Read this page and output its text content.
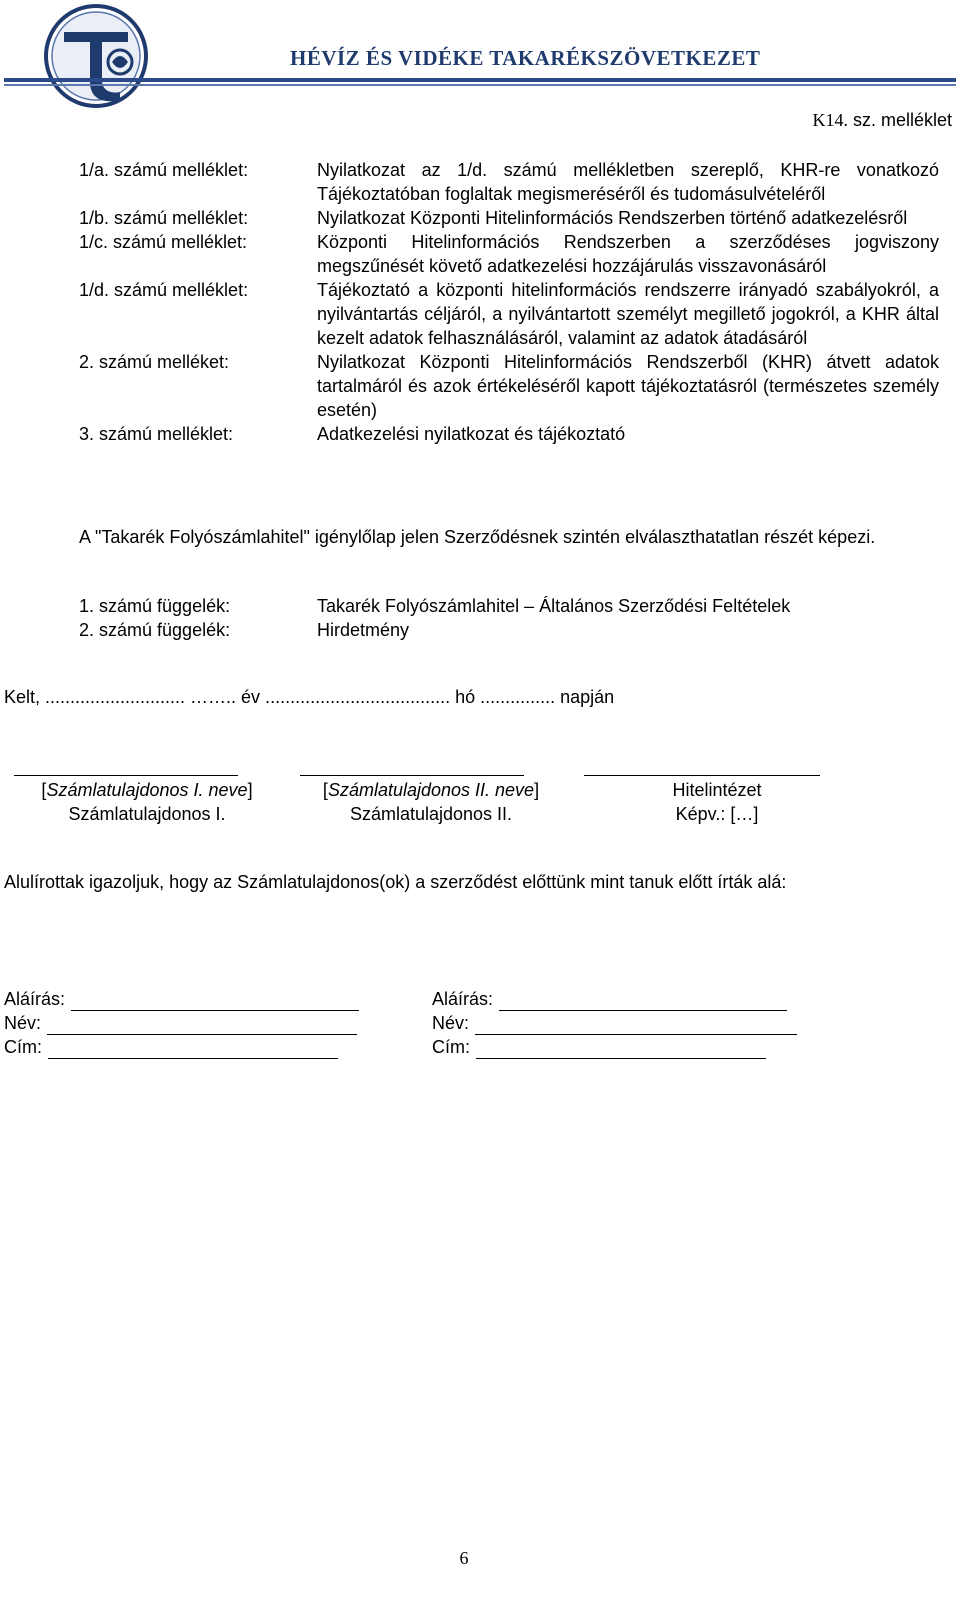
HÉVÍZ ÉS VIDÉKE TAKARÉKSZÖVETKEZET
K14. sz. melléklet
1/a. számú melléklet:	Nyilatkozat az 1/d. számú mellékletben szereplő, KHR-re vonatkozó Tájékoztatóban foglaltak megismeréséről és tudomásulvételéről
1/b. számú melléklet:	Nyilatkozat Központi Hitelinformációs Rendszerben történő adatkezelésről
1/c. számú melléklet:	Központi Hitelinformációs Rendszerben a szerződéses jogviszony megszűnését követő adatkezelési hozzájárulás visszavonásáról
1/d. számú melléklet:	Tájékoztató a központi hitelinformációs rendszerre irányadó szabályokról, a nyilvántartás céljáról, a nyilvántartott személyt megillető jogokról, a KHR által kezelt adatok felhasználásáról, valamint az adatok átadásáról
2. számú melléket:	Nyilatkozat Központi Hitelinformációs Rendszerből (KHR) átvett adatok tartalmáról és azok értékeléséről kapott tájékoztatásról (természetes személy esetén)
3. számú melléklet:	Adatkezelési nyilatkozat és tájékoztató
A "Takarék Folyószámlahitel" igénylőlap jelen Szerződésnek szintén elválaszthatatlan részét képezi.
1. számú függelék:	Takarék Folyószámlahitel – Általános Szerződési Feltételek
2. számú függelék:	Hirdetmény
Kelt, ............................ …….. év ..................................... hó ............... napján
[Számlatulajdonos I. neve]
Számlatulajdonos I.
[Számlatulajdonos II. neve]
Számlatulajdonos II.
Hitelintézet
Képv.: […]
Alulírottak igazoljuk, hogy az Számlatulajdonos(ok) a szerződést előttünk mint tanuk előtt írták alá:
Aláírás:
Név:
Cím:
Aláírás:
Név:
Cím:
6
